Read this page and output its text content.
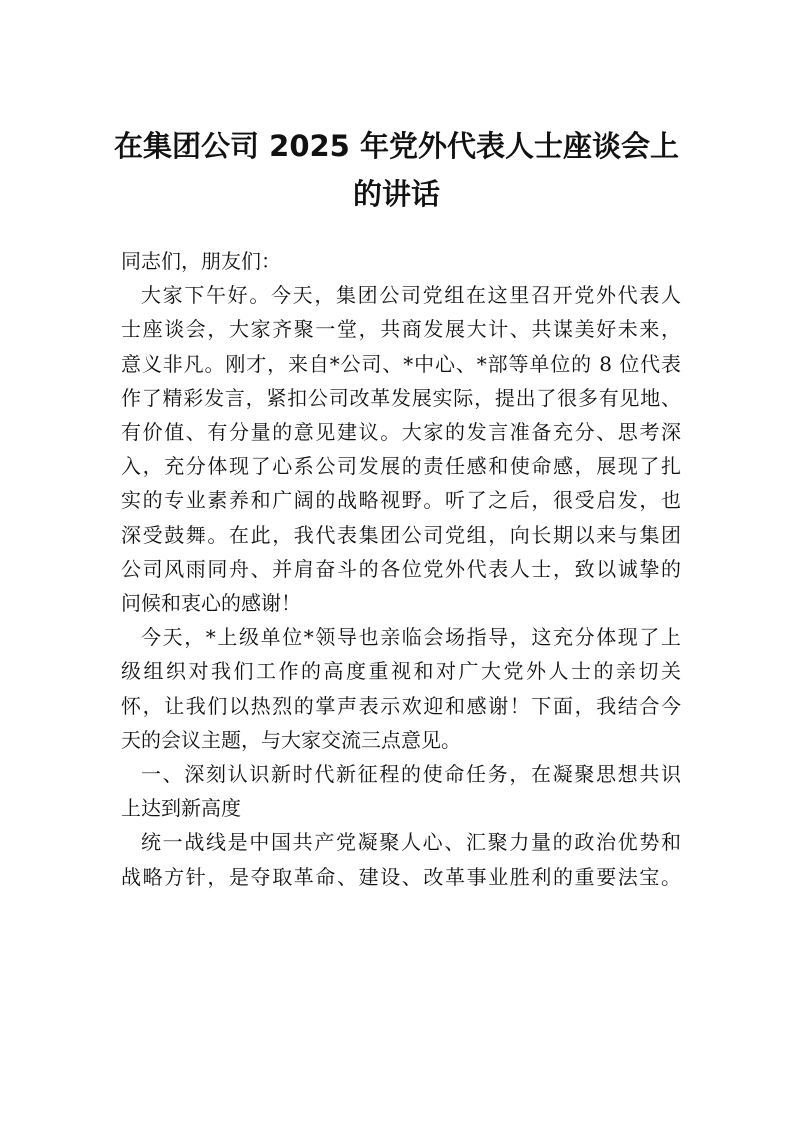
在集团公司 2025 年党外代表人士座谈会上
的讲话

同志们，朋友们：

大家下午好。今天，集团公司党组在这里召开党外代表人
士座谈会，大家齐聚一堂，共商发展大计、共谋美好未来，
意义非凡。刚才，来自*公司、*中心、*部等单位的 8 位代表
作了精彩发言，紧扣公司改革发展实际，提出了很多有见地、
有价值、有分量的意见建议。大家的发言准备充分、思考深
入，充分体现了心系公司发展的责任感和使命感，展现了扎
实的专业素养和广阔的战略视野。听了之后，很受启发，也
深受鼓舞。在此，我代表集团公司党组，向长期以来与集团
公司风雨同舟、并肩奋斗的各位党外代表人士，致以诚挚的
问候和衷心的感谢！

今天，*上级单位*领导也亲临会场指导，这充分体现了上
级组织对我们工作的高度重视和对广大党外人士的亲切关
怀，让我们以热烈的掌声表示欢迎和感谢！下面，我结合今
天的会议主题，与大家交流三点意见。

一、深刻认识新时代新征程的使命任务，在凝聚思想共识
上达到新高度

统一战线是中国共产党凝聚人心、汇聚力量的政治优势和
战略方针，是夺取革命、建设、改革事业胜利的重要法宝。
